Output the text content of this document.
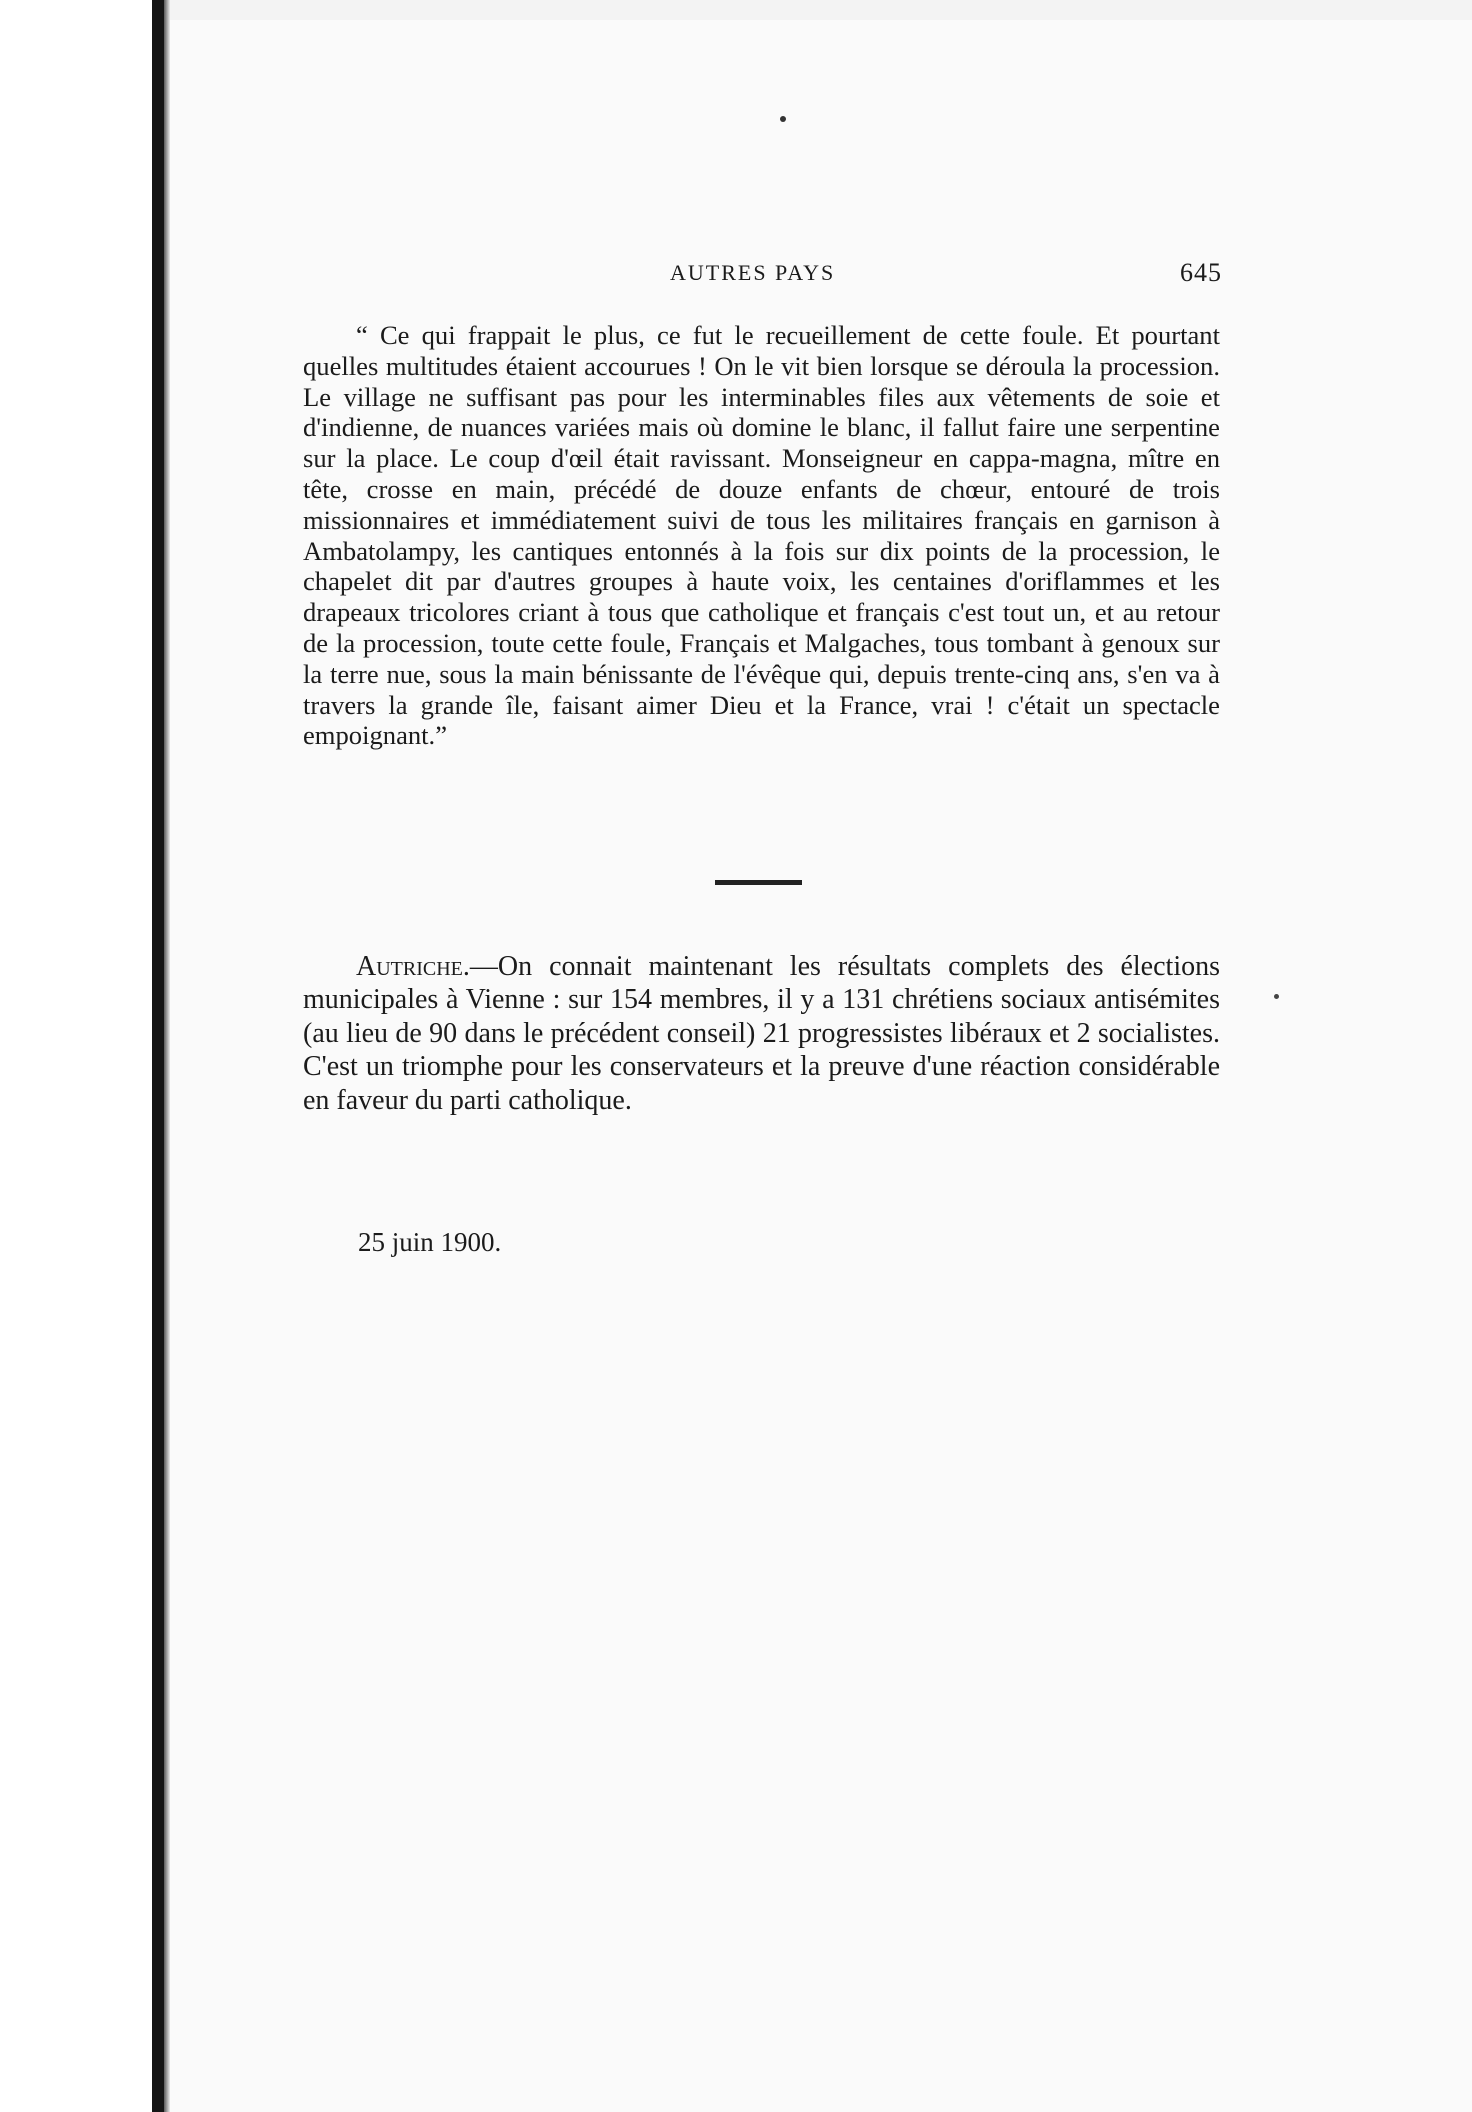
AUTRES PAYS	645

“ Ce qui frappait le plus, ce fut le recueillement de cette foule. Et pourtant quelles multitudes étaient accourues ! On le vit bien lorsque se déroula la procession. Le village ne suffisant pas pour les interminables files aux vêtements de soie et d'indienne, de nuances variées mais où domine le blanc, il fallut faire une serpentine sur la place. Le coup d'œil était ravissant. Monseigneur en cappa-magna, mître en tête, crosse en main, précédé de douze enfants de chœur, entouré de trois missionnaires et immédiatement suivi de tous les militaires français en garnison à Ambatolampy, les cantiques entonnés à la fois sur dix points de la procession, le chapelet dit par d'autres groupes à haute voix, les centaines d'oriflammes et les drapeaux tricolores criant à tous que catholique et français c'est tout un, et au retour de la procession, toute cette foule, Français et Malgaches, tous tombant à genoux sur la terre nue, sous la main bénissante de l'évêque qui, depuis trente-cinq ans, s'en va à travers la grande île, faisant aimer Dieu et la France, vrai ! c'était un spectacle empoignant.”

Autriche.—On connait maintenant les résultats complets des élections municipales à Vienne : sur 154 membres, il y a 131 chrétiens sociaux antisémites (au lieu de 90 dans le précédent conseil) 21 progressistes libéraux et 2 socialistes. C'est un triomphe pour les conservateurs et la preuve d'une réaction considérable en faveur du parti catholique.

25 juin 1900.
